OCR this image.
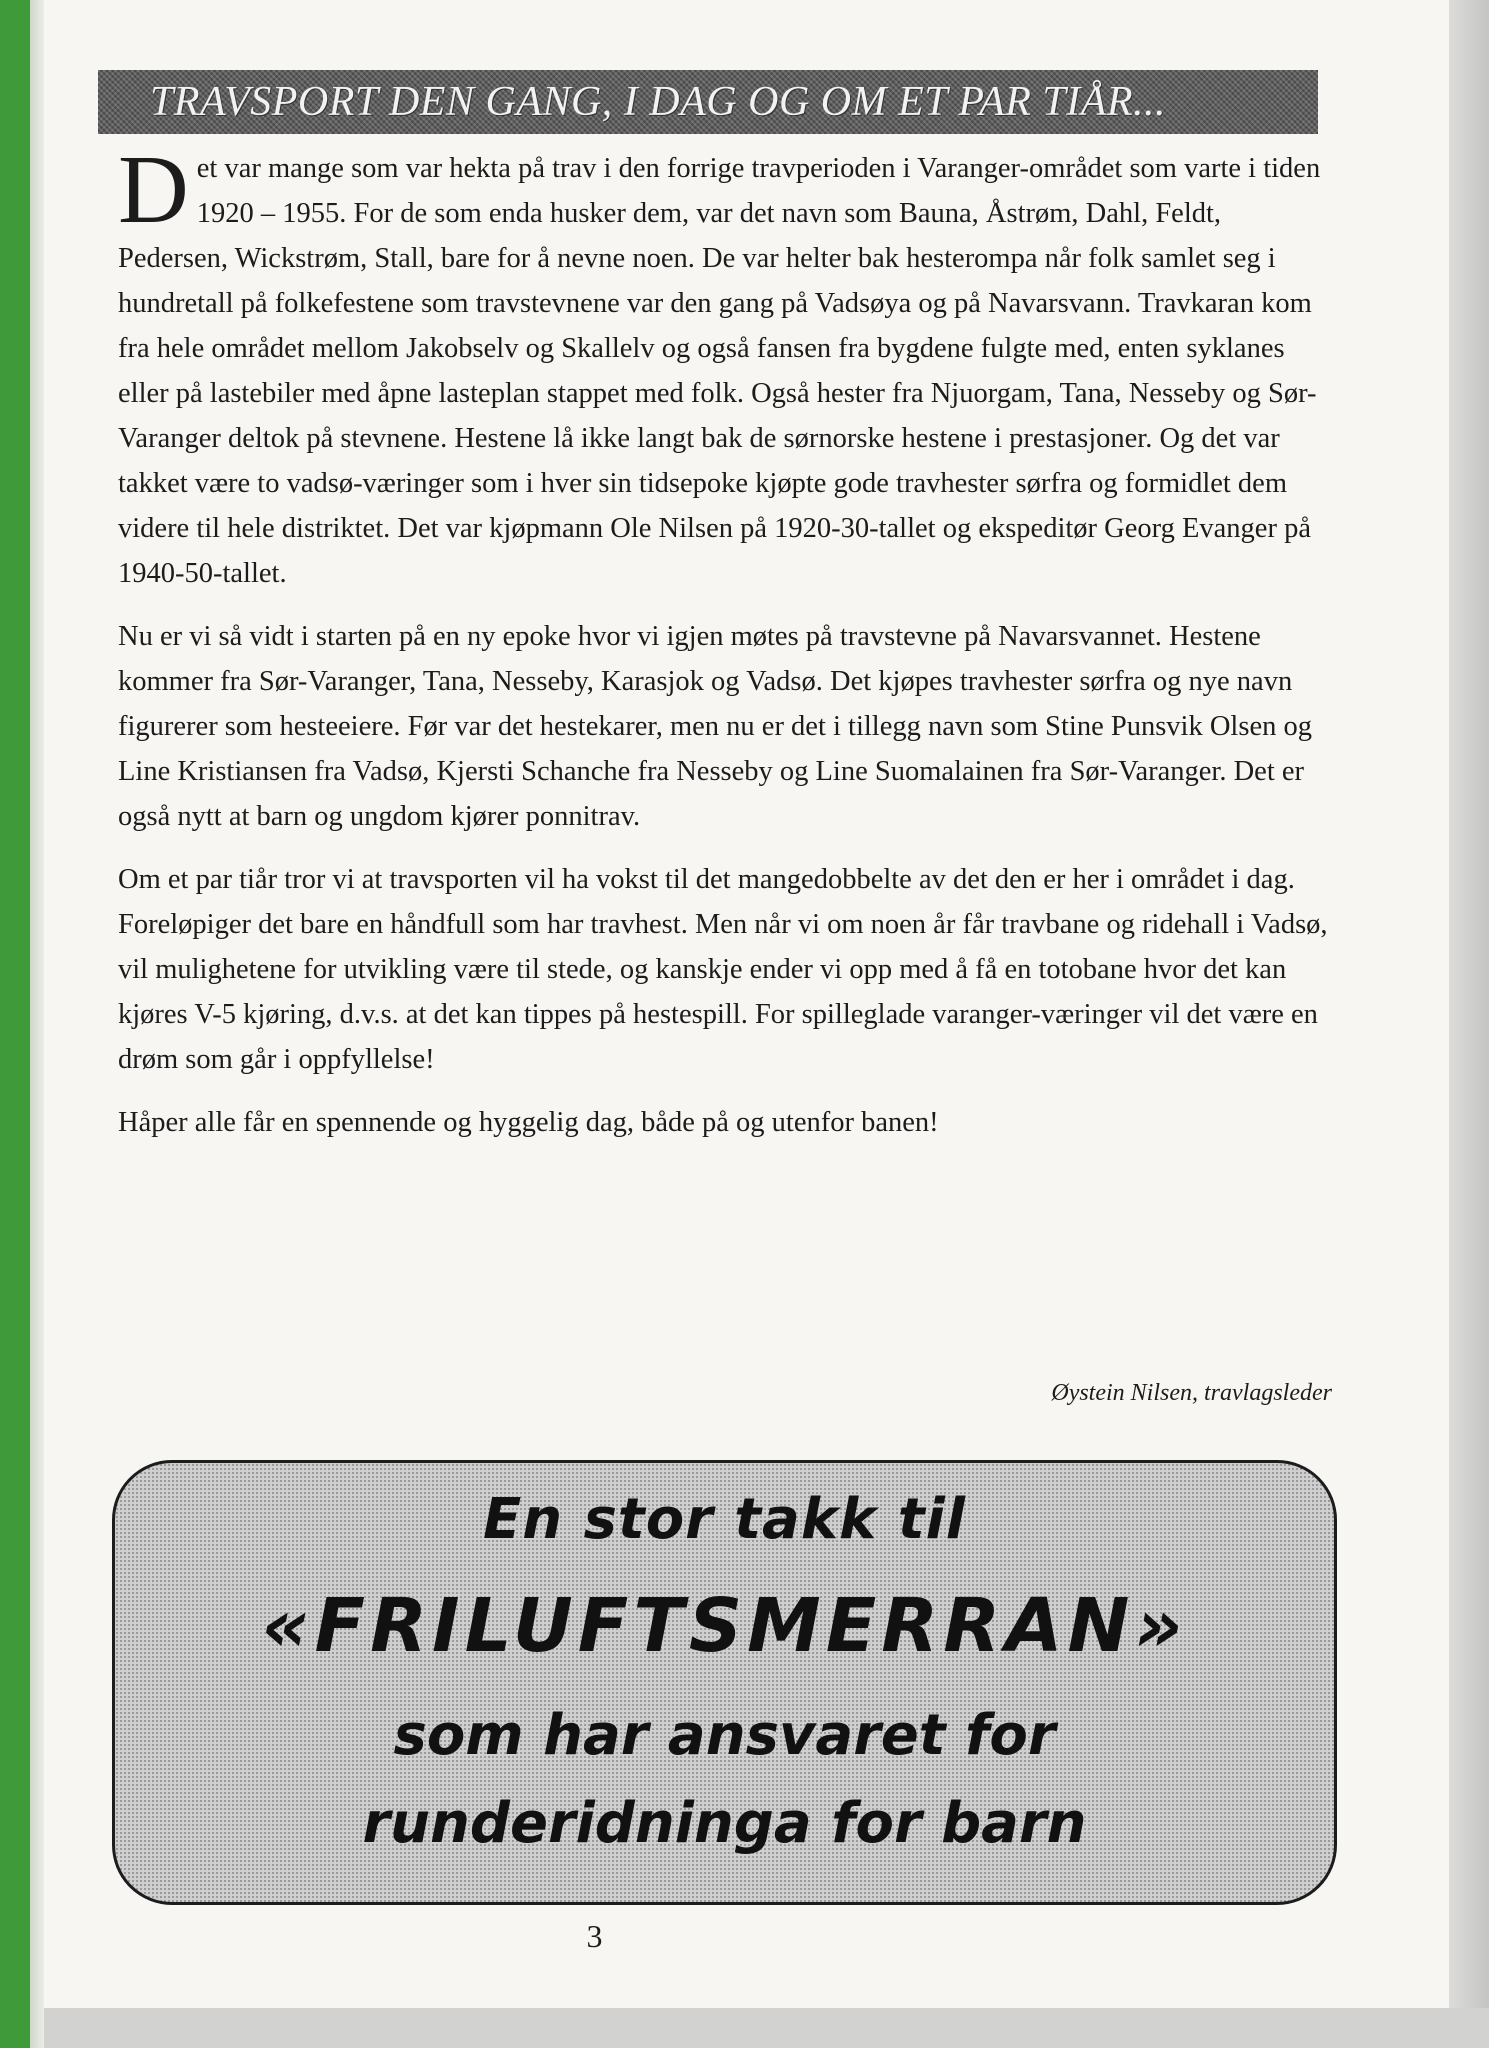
TRAVSPORT DEN GANG, I DAG OG OM ET PAR TIÅR...

D et var mange som var hekta på trav i den forrige travperioden i Varanger-området som varte i tiden 1920 – 1955. For de som enda husker dem, var det navn som Bauna, Åstrøm, Dahl, Feldt, Pedersen, Wickstrøm, Stall, bare for å nevne noen. De var helter bak hesterompa når folk samlet seg i hundretall på folkefestene som travstevnene var den gang på Vadsøya og på Navarsvann. Travkaran kom fra hele området mellom Jakobselv og Skallelv og også fansen fra bygdene fulgte med, enten syklanes eller på lastebiler med åpne lasteplan stappet med folk. Også hester fra Njuorgam, Tana, Nesseby og Sør-Varanger deltok på stevnene. Hestene lå ikke langt bak de sørnorske hestene i prestasjoner. Og det var takket være to vadsø-væringer som i hver sin tidsepoke kjøpte gode travhester sørfra og formidlet dem videre til hele distriktet. Det var kjøpmann Ole Nilsen på 1920-30-tallet og ekspeditør Georg Evanger på 1940-50-tallet.

Nu er vi så vidt i starten på en ny epoke hvor vi igjen møtes på travstevne på Navarsvannet. Hestene kommer fra Sør-Varanger, Tana, Nesseby, Karasjok og Vadsø. Det kjøpes travhester sørfra og nye navn figurerer som hesteeiere. Før var det hestekarer, men nu er det i tillegg navn som Stine Punsvik Olsen og Line Kristiansen fra Vadsø, Kjersti Schanche fra Nesseby og Line Suomalainen fra Sør-Varanger. Det er også nytt at barn og ungdom kjører ponnitrav.

Om et par tiår tror vi at travsporten vil ha vokst til det mangedobbelte av det den er her i området i dag. Foreløpiger det bare en håndfull som har travhest. Men når vi om noen år får travbane og ridehall i Vadsø, vil mulighetene for utvikling være til stede, og kanskje ender vi opp med å få en totobane hvor det kan kjøres V-5 kjøring, d.v.s. at det kan tippes på hestespill. For spilleglade varanger-væringer vil det være en drøm som går i oppfyllelse!

Håper alle får en spennende og hyggelig dag, både på og utenfor banen!

Øystein Nilsen, travlagsleder
En stor takk til
«FRILUFTSMERRAN»
som har ansvaret for
runderidninga for barn
3
